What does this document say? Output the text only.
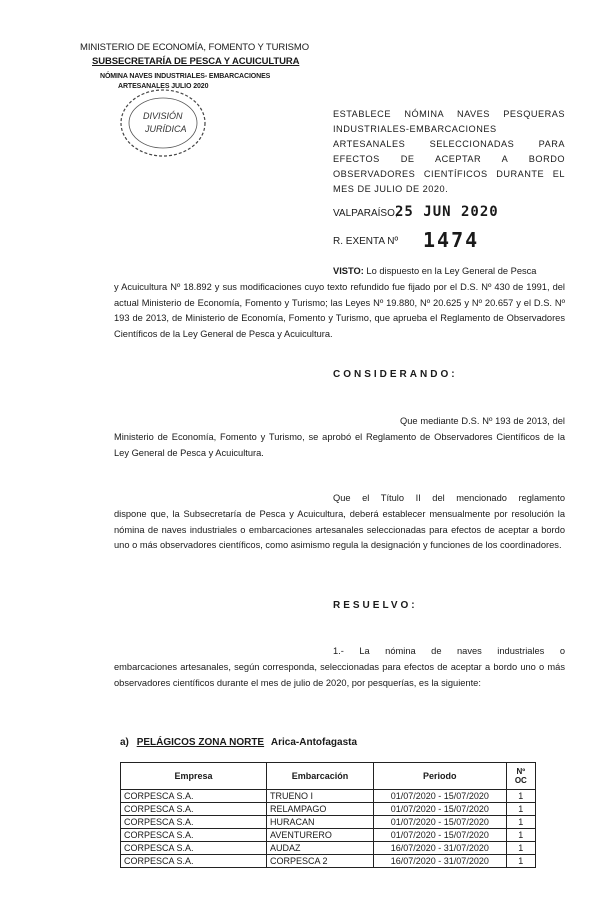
MINISTERIO DE ECONOMÍA, FOMENTO Y TURISMO
SUBSECRETARÍA DE PESCA Y ACUICULTURA
NÓMINA NAVES INDUSTRIALES- EMBARCACIONES
ARTESANALES JULIO 2020
DIVISIÓN
JURÍDICA
ESTABLECE NÓMINA NAVES PESQUERAS INDUSTRIALES-EMBARCACIONES ARTESANALES SELECCIONADAS PARA EFECTOS DE ACEPTAR A BORDO OBSERVADORES CIENTÍFICOS DURANTE EL MES DE JULIO DE 2020.
VALPARAÍSO,
25 JUN 2020
R. EXENTA Nº 1474
VISTO: Lo dispuesto en la Ley General de Pesca
y Acuicultura Nº 18.892 y sus modificaciones cuyo texto refundido fue fijado por el D.S. Nº 430 de 1991, del actual Ministerio de Economía, Fomento y Turismo; las Leyes Nº 19.880, Nº 20.625 y Nº 20.657 y el D.S. Nº 193 de 2013, de Ministerio de Economía, Fomento y Turismo, que aprueba el Reglamento de Observadores Científicos de la Ley General de Pesca y Acuicultura.
CONSIDERANDO:
Que mediante D.S. Nº 193 de 2013, del
Ministerio de Economía, Fomento y Turismo, se aprobó el Reglamento de Observadores Científicos de la Ley General de Pesca y Acuicultura.
Que el Título II del mencionado reglamento
dispone que, la Subsecretaría de Pesca y Acuicultura, deberá establecer mensualmente por resolución la nómina de naves industriales o embarcaciones artesanales seleccionadas para efectos de aceptar a bordo uno o más observadores científicos, como asimismo regula la designación y funciones de los coordinadores.
RESUELVO:
1.- La nómina de naves industriales o
embarcaciones artesanales, según corresponda, seleccionadas para efectos de aceptar a bordo uno o más observadores científicos durante el mes de julio de 2020, por pesquerías, es la siguiente:
a) PELÁGICOS ZONA NORTE Arica-Antofagasta
Empresa	Embarcación	Periodo	Nº OC
CORPESCA S.A.	TRUENO I	01/07/2020 - 15/07/2020	1
CORPESCA S.A.	RELAMPAGO	01/07/2020 - 15/07/2020	1
CORPESCA S.A.	HURACAN	01/07/2020 - 15/07/2020	1
CORPESCA S.A.	AVENTURERO	01/07/2020 - 15/07/2020	1
CORPESCA S.A.	AUDAZ	16/07/2020 - 31/07/2020	1
CORPESCA S.A.	CORPESCA 2	16/07/2020 - 31/07/2020	1
